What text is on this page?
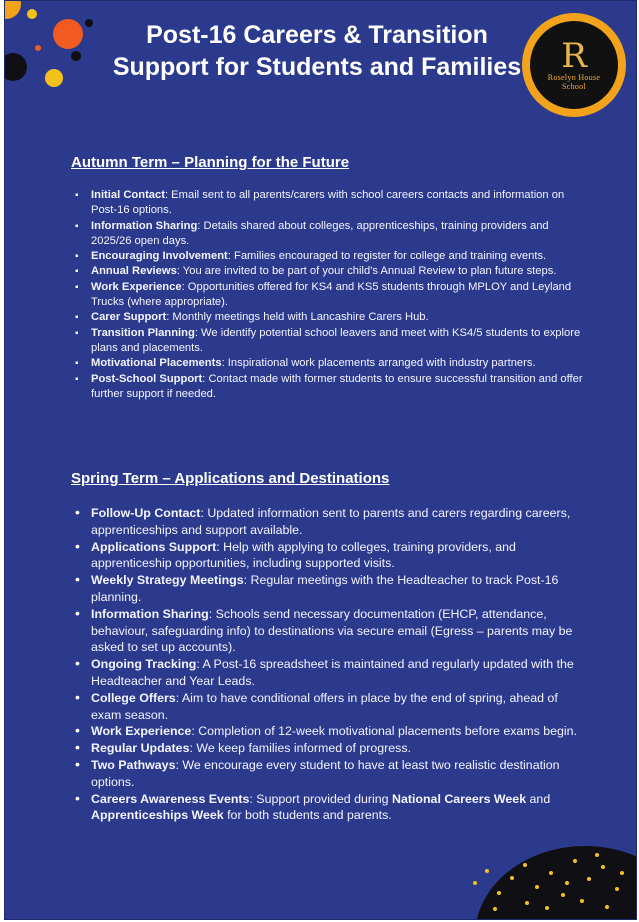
Post-16 Careers & Transition Support for Students and Families	R
Roselyn House
School
Autumn Term – Planning for the Future
▪ Initial Contact: Email sent to all parents/carers with school careers contacts and information on Post-16 options.
▪ Information Sharing: Details shared about colleges, apprenticeships, training providers and 2025/26 open days.
▪ Encouraging Involvement: Families encouraged to register for college and training events.
▪ Annual Reviews: You are invited to be part of your child's Annual Review to plan future steps.
▪ Work Experience: Opportunities offered for KS4 and KS5 students through MPLOY and Leyland Trucks (where appropriate).
▪ Carer Support: Monthly meetings held with Lancashire Carers Hub.
▪ Transition Planning: We identify potential school leavers and meet with KS4/5 students to explore plans and placements.
▪ Motivational Placements: Inspirational work placements arranged with industry partners.
▪ Post-School Support: Contact made with former students to ensure successful transition and offer further support if needed.
Spring Term – Applications and Destinations
• Follow-Up Contact: Updated information sent to parents and carers regarding careers, apprenticeships and support available.
• Applications Support: Help with applying to colleges, training providers, and apprenticeship opportunities, including supported visits.
• Weekly Strategy Meetings: Regular meetings with the Headteacher to track Post-16 planning.
• Information Sharing: Schools send necessary documentation (EHCP, attendance, behaviour, safeguarding info) to destinations via secure email (Egress – parents may be asked to set up accounts).
• Ongoing Tracking: A Post-16 spreadsheet is maintained and regularly updated with the Headteacher and Year Leads.
• College Offers: Aim to have conditional offers in place by the end of spring, ahead of exam season.
• Work Experience: Completion of 12-week motivational placements before exams begin.
• Regular Updates: We keep families informed of progress.
• Two Pathways: We encourage every student to have at least two realistic destination options.
• Careers Awareness Events: Support provided during National Careers Week and Apprenticeships Week for both students and parents.
